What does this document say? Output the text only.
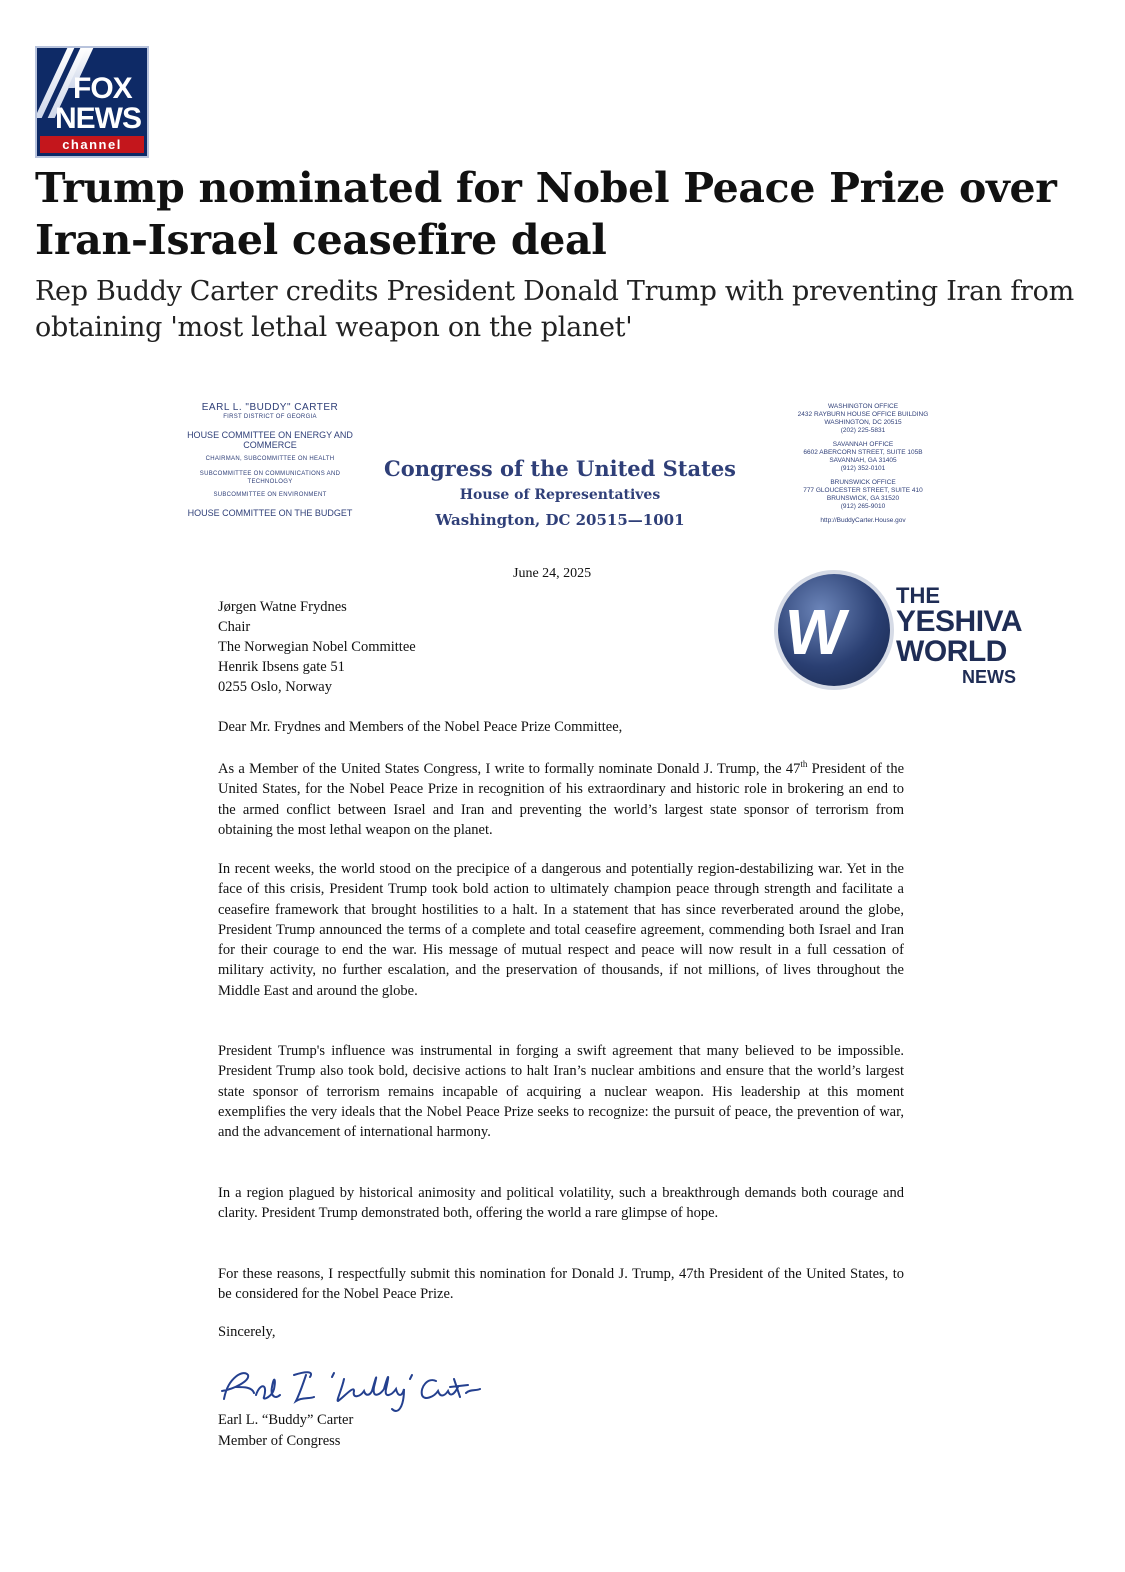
FOX
NEWS
channel
Trump nominated for Nobel Peace Prize over Iran-Israel ceasefire deal

Rep Buddy Carter credits President Donald Trump with preventing Iran from obtaining 'most lethal weapon on the planet'

EARL L. "BUDDY" CARTER
FIRST DISTRICT OF GEORGIA
HOUSE COMMITTEE ON ENERGY AND COMMERCE
CHAIRMAN, SUBCOMMITTEE ON HEALTH
SUBCOMMITTEE ON COMMUNICATIONS AND TECHNOLOGY
SUBCOMMITTEE ON ENVIRONMENT
HOUSE COMMITTEE ON THE BUDGET
Congress of the United States
House of Representatives
Washington, DC 20515—1001
WASHINGTON OFFICE
2432 RAYBURN HOUSE OFFICE BUILDING
WASHINGTON, DC 20515
(202) 225-5831
SAVANNAH OFFICE
6602 ABERCORN STREET, SUITE 105B
SAVANNAH, GA 31405
(912) 352-0101
BRUNSWICK OFFICE
777 GLOUCESTER STREET, SUITE 410
BRUNSWICK, GA 31520
(912) 265-9010
http://BuddyCarter.House.gov
June 24, 2025
W
THE
YESHIVA
WORLD
NEWS
Jørgen Watne Frydnes
Chair
The Norwegian Nobel Committee
Henrik Ibsens gate 51
0255 Oslo, Norway
Dear Mr. Frydnes and Members of the Nobel Peace Prize Committee,

As a Member of the United States Congress, I write to formally nominate Donald J. Trump, the 47th President of the United States, for the Nobel Peace Prize in recognition of his extraordinary and historic role in brokering an end to the armed conflict between Israel and Iran and preventing the world’s largest state sponsor of terrorism from obtaining the most lethal weapon on the planet.

In recent weeks, the world stood on the precipice of a dangerous and potentially region-destabilizing war. Yet in the face of this crisis, President Trump took bold action to ultimately champion peace through strength and facilitate a ceasefire framework that brought hostilities to a halt. In a statement that has since reverberated around the globe, President Trump announced the terms of a complete and total ceasefire agreement, commending both Israel and Iran for their courage to end the war. His message of mutual respect and peace will now result in a full cessation of military activity, no further escalation, and the preservation of thousands, if not millions, of lives throughout the Middle East and around the globe.

President Trump's influence was instrumental in forging a swift agreement that many believed to be impossible. President Trump also took bold, decisive actions to halt Iran’s nuclear ambitions and ensure that the world’s largest state sponsor of terrorism remains incapable of acquiring a nuclear weapon. His leadership at this moment exemplifies the very ideals that the Nobel Peace Prize seeks to recognize: the pursuit of peace, the prevention of war, and the advancement of international harmony.

In a region plagued by historical animosity and political volatility, such a breakthrough demands both courage and clarity. President Trump demonstrated both, offering the world a rare glimpse of hope.

For these reasons, I respectfully submit this nomination for Donald J. Trump, 47th President of the United States, to be considered for the Nobel Peace Prize.

Sincerely,
Earl L. “Buddy” Carter
Member of Congress
